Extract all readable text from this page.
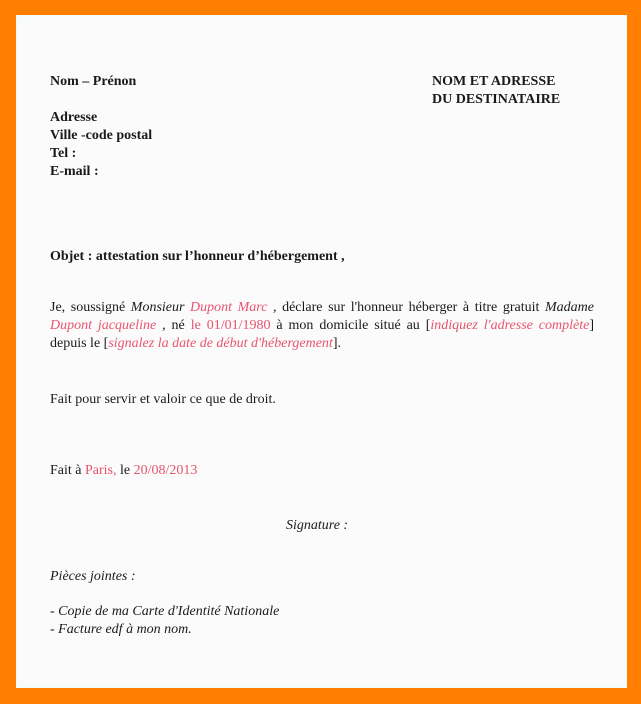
Nom – Prénon	NOM ET ADRESSE
DU DESTINATAIRE
Adresse
Ville -code postal
Tel :
E-mail :
Objet : attestation sur l’honneur d’hébergement ,
Je, soussigné Monsieur Dupont Marc , déclare sur l'honneur héberger à titre gratuit Madame Dupont jacqueline , né le 01/01/1980 à mon domicile situé au [indiquez l'adresse complète] depuis le [signalez la date de début d'hébergement].
Fait pour servir et valoir ce que de droit.
Fait à Paris, le 20/08/2013
Signature :
Pièces jointes :
- Copie de ma Carte d'Identité Nationale
- Facture edf à mon nom.
